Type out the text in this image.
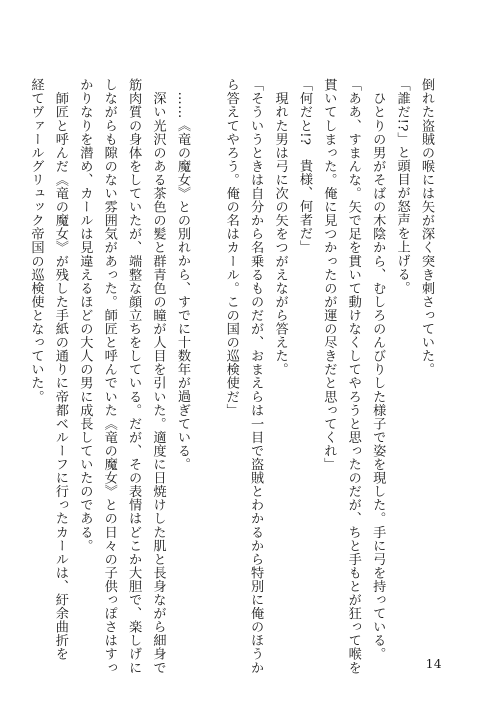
倒れた盗賊の喉には矢が深く突き刺さっていた。
「誰だ!?」と頭目が怒声を上げる。
　ひとりの男がそばの木陰から、むしろのんびりした様子で姿を現した。手に弓を持っている。
「ああ、すまんな。矢で足を貫いて動けなくしてやろうと思ったのだが、ちと手もとが狂って喉を
貫いてしまった。俺に見つかったのが運の尽きだと思ってくれ」
「何だと!?　貴様、何者だ」
　現れた男は弓に次の矢をつがえながら答えた。
「そういうときは自分から名乗るものだが、おまえらは一目で盗賊とわかるから特別に俺のほうか
ら答えてやろう。俺の名はカール。この国の巡検使だ」

　……《竜の魔女》との別れから、すでに十数年が過ぎている。
　深い光沢のある茶色の髪と群青色の瞳が人目を引いた。適度に日焼けした肌と長身ながら細身で
筋肉質の身体をしていたが、端整な顔立ちをしている。だが、その表情はどこか大胆で、楽しげに
しながらも隙のない雰囲気があった。師匠と呼んでいた《竜の魔女》との日々の子供っぽさはすっ
かりなりを潜め、カールは見違えるほどの大人の男に成長していたのである。
　師匠と呼んだ《竜の魔女》が残した手紙の通りに帝都ベルーフに行ったカールは、紆余曲折を
経てヴァールグリュック帝国の巡検使となっていた。
14
